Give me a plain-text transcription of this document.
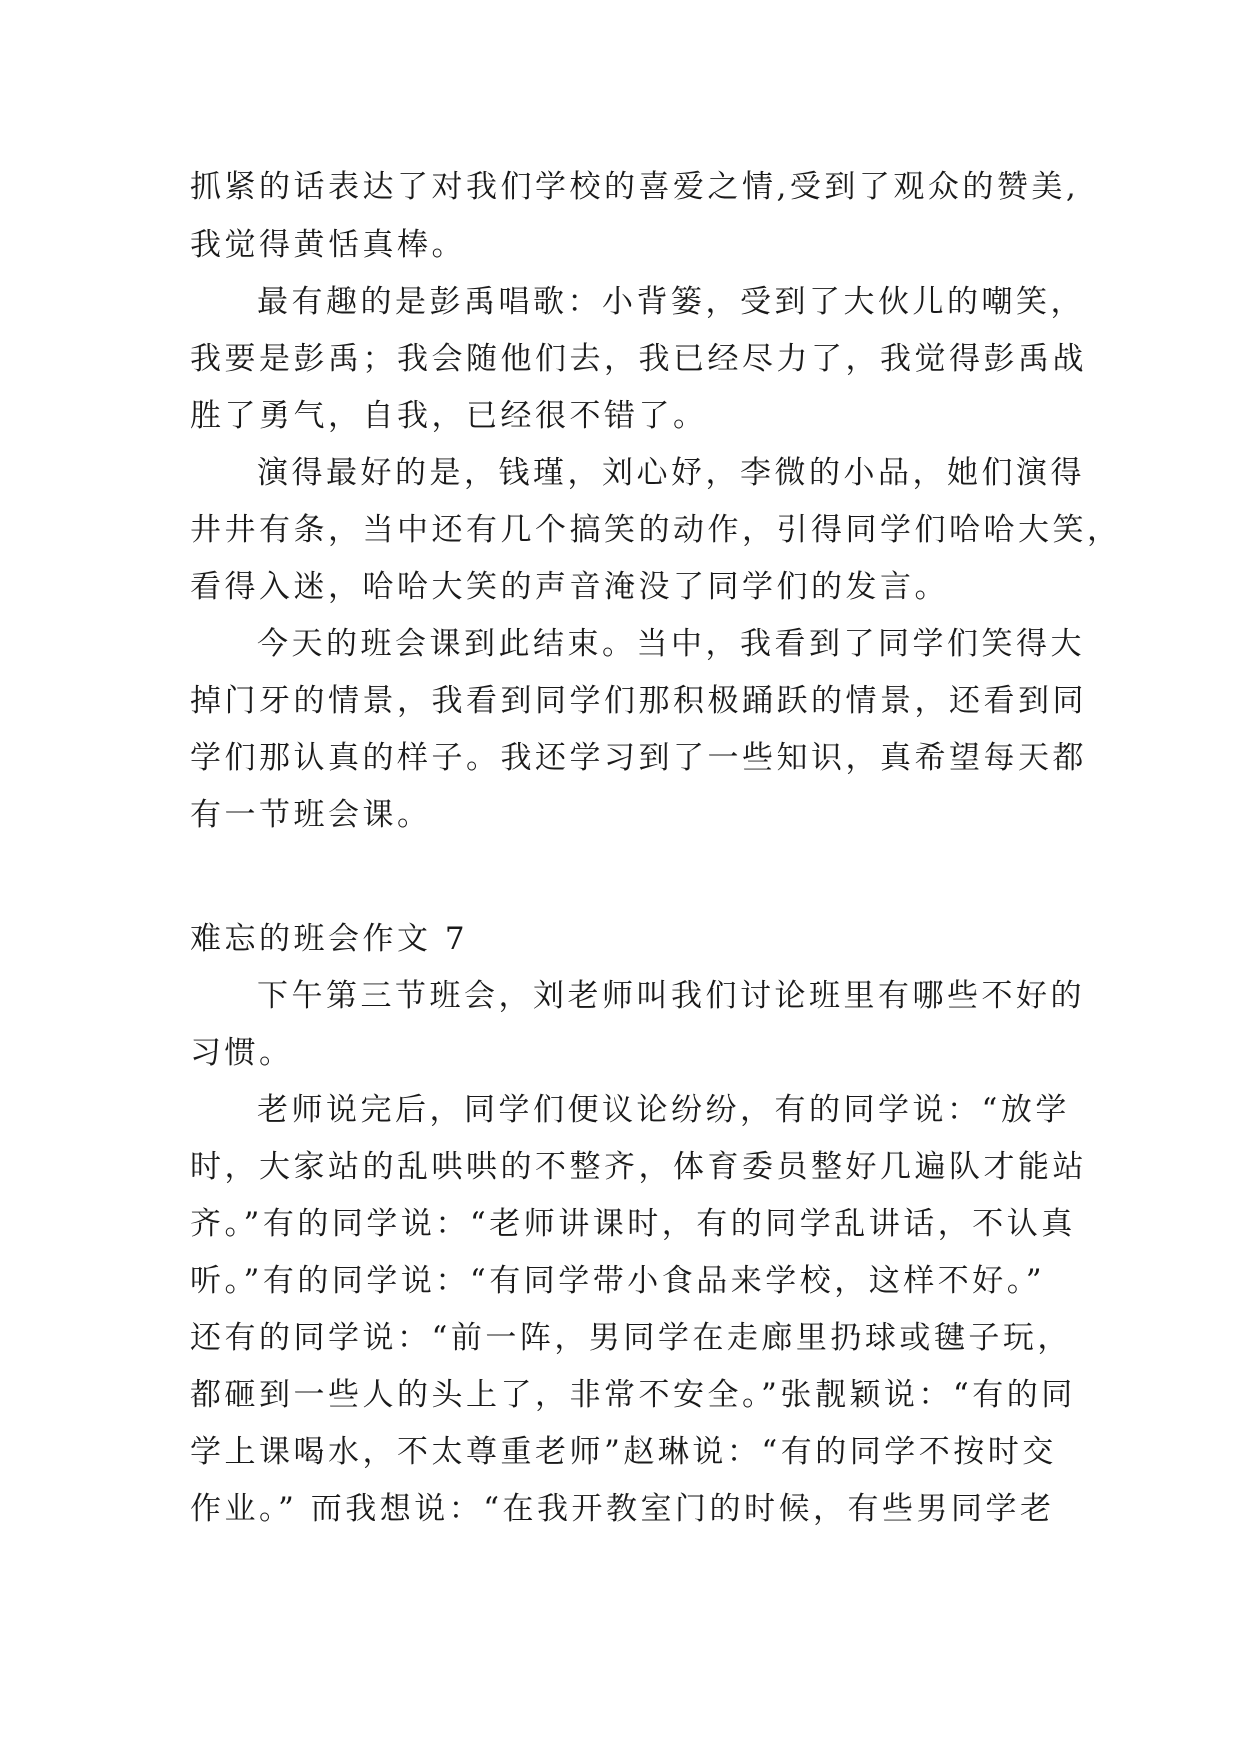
抓紧的话表达了对我们学校的喜爱之情,受到了观众的赞美,
我觉得黄恬真棒。
最有趣的是彭禹唱歌：小背篓，受到了大伙儿的嘲笑，
我要是彭禹；我会随他们去，我已经尽力了，我觉得彭禹战
胜了勇气，自我，已经很不错了。
演得最好的是，钱瑾，刘心妤，李微的小品，她们演得
井井有条，当中还有几个搞笑的动作，引得同学们哈哈大笑，
看得入迷，哈哈大笑的声音淹没了同学们的发言。
今天的班会课到此结束。当中，我看到了同学们笑得大
掉门牙的情景，我看到同学们那积极踊跃的情景，还看到同
学们那认真的样子。我还学习到了一些知识，真希望每天都
有一节班会课。
难忘的班会作文 7
下午第三节班会，刘老师叫我们讨论班里有哪些不好的
习惯。
老师说完后，同学们便议论纷纷，有的同学说：“放学
时，大家站的乱哄哄的不整齐，体育委员整好几遍队才能站
齐。”有的同学说：“老师讲课时，有的同学乱讲话，不认真
听。”有的同学说：“有同学带小食品来学校，这样不好。”
还有的同学说：“前一阵，男同学在走廊里扔球或毽子玩，
都砸到一些人的头上了，非常不安全。”张靓颖说：“有的同
学上课喝水，不太尊重老师”赵琳说：“有的同学不按时交
作业。” 而我想说：“在我开教室门的时候，有些男同学老
